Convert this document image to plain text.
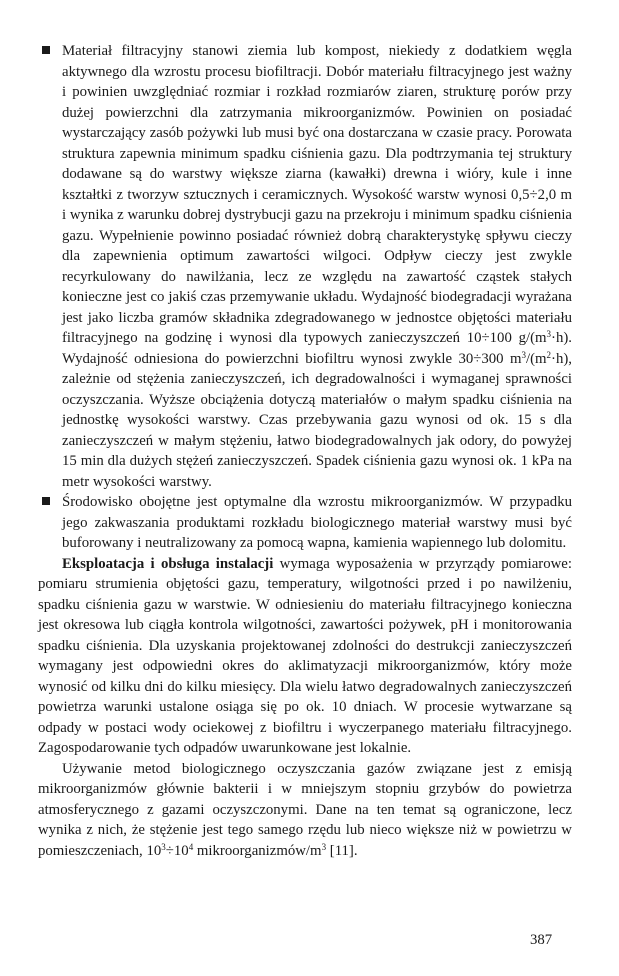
Materiał filtracyjny stanowi ziemia lub kompost, niekiedy z dodatkiem węgla aktywnego dla wzrostu procesu biofiltracji. Dobór materiału filtracyjnego jest ważny i powinien uwzględniać rozmiar i rozkład rozmiarów ziaren, strukturę porów przy dużej powierzchni dla zatrzymania mikroorganizmów. Powinien on posiadać wystarczający zasób pożywki lub musi być ona dostarczana w czasie pracy. Porowata struktura zapewnia minimum spadku ciśnienia gazu. Dla podtrzymania tej struktury dodawane są do warstwy większe ziarna (kawałki) drewna i wióry, kule i inne kształtki z tworzyw sztucznych i ceramicznych. Wysokość warstw wynosi 0,5÷2,0 m i wynika z warunku dobrej dystrybucji gazu na przekroju i minimum spadku ciśnienia gazu. Wypełnienie powinno posiadać również dobrą charakterystykę spływu cieczy dla zapewnienia optimum zawartości wilgoci. Odpływ cieczy jest zwykle recyrkulowany do nawilżania, lecz ze względu na zawartość cząstek stałych konieczne jest co jakiś czas przemywanie układu. Wydajność biodegradacji wyrażana jest jako liczba gramów składnika zdegradowanego w jednostce objętości materiału filtracyjnego na godzinę i wynosi dla typowych zanieczyszczeń 10÷100 $g/(m^3\cdot h)$. Wydajność odniesiona do powierzchni biofiltru wynosi zwykle 30÷300 $m^3/(m^2\cdot h)$, zależnie od stężenia zanieczyszczeń, ich degradowalności i wymaganej sprawności oczyszczania. Wyższe obciążenia dotyczą materiałów o małym spadku ciśnienia na jednostkę wysokości warstwy. Czas przebywania gazu wynosi od ok. 15 s dla zanieczyszczeń w małym stężeniu, łatwo biodegradowalnych jak odory, do powyżej 15 min dla dużych stężeń zanieczyszczeń. Spadek ciśnienia gazu wynosi ok. 1 kPa na metr wysokości warstwy.

Środowisko obojętne jest optymalne dla wzrostu mikroorganizmów. W przypadku jego zakwaszania produktami rozkładu biologicznego materiał warstwy musi być buforowany i neutralizowany za pomocą wapna, kamienia wapiennego lub dolomitu.

Eksploatacja i obsługa instalacji wymaga wyposażenia w przyrządy pomiarowe: pomiaru strumienia objętości gazu, temperatury, wilgotności przed i po nawilżeniu, spadku ciśnienia gazu w warstwie. W odniesieniu do materiału filtracyjnego konieczna jest okresowa lub ciągła kontrola wilgotności, zawartości pożywek, pH i monitorowania spadku ciśnienia. Dla uzyskania projektowanej zdolności do destrukcji zanieczyszczeń wymagany jest odpowiedni okres do aklimatyzacji mikroorganizmów, który może wynosić od kilku dni do kilku miesięcy. Dla wielu łatwo degradowalnych zanieczyszczeń powietrza warunki ustalone osiąga się po ok. 10 dniach. W procesie wytwarzane są odpady w postaci wody ociekowej z biofiltru i wyczerpanego materiału filtracyjnego. Zagospodarowanie tych odpadów uwarunkowane jest lokalnie.

Używanie metod biologicznego oczyszczania gazów związane jest z emisją mikroorganizmów głównie bakterii i w mniejszym stopniu grzybów do powietrza atmosferycznego z gazami oczyszczonymi. Dane na ten temat są ograniczone, lecz wynika z nich, że stężenie jest tego samego rzędu lub nieco większe niż w powietrzu w pomieszczeniach, $10^3\div 10^4$ mikroorganizmów/$m^3$ [11].

387
